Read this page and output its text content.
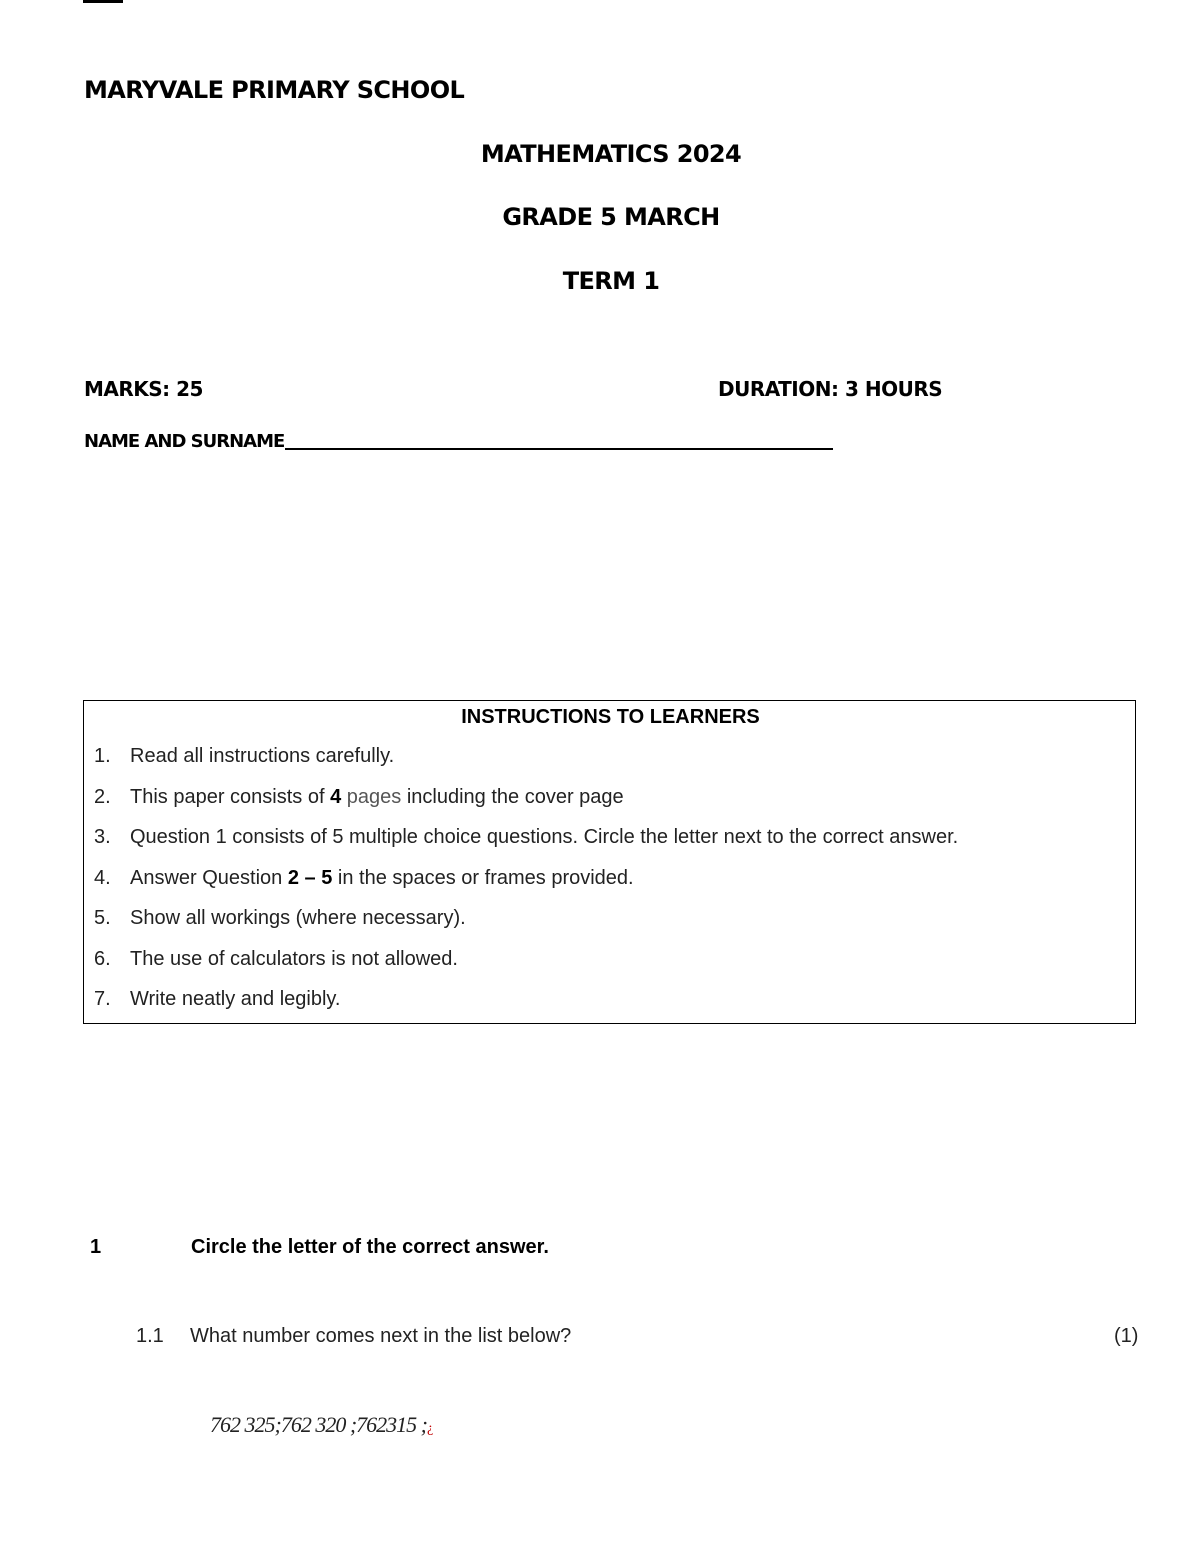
MARYVALE PRIMARY SCHOOL
MATHEMATICS 2024
GRADE 5 MARCH
TERM 1
MARKS: 25	DURATION: 3 HOURS
NAME AND SURNAME
INSTRUCTIONS TO LEARNERS
1. Read all instructions carefully.
2. This paper consists of 4 pages including the cover page
3. Question 1 consists of 5 multiple choice questions. Circle the letter next to the correct answer.
4. Answer Question 2 – 5 in the spaces or frames provided.
5. Show all workings (where necessary).
6. The use of calculators is not allowed.
7. Write neatly and legibly.
1	Circle the letter of the correct answer.
1.1 What number comes next in the list below?	(1)
762 325;762 320 ;762315 ;¿
